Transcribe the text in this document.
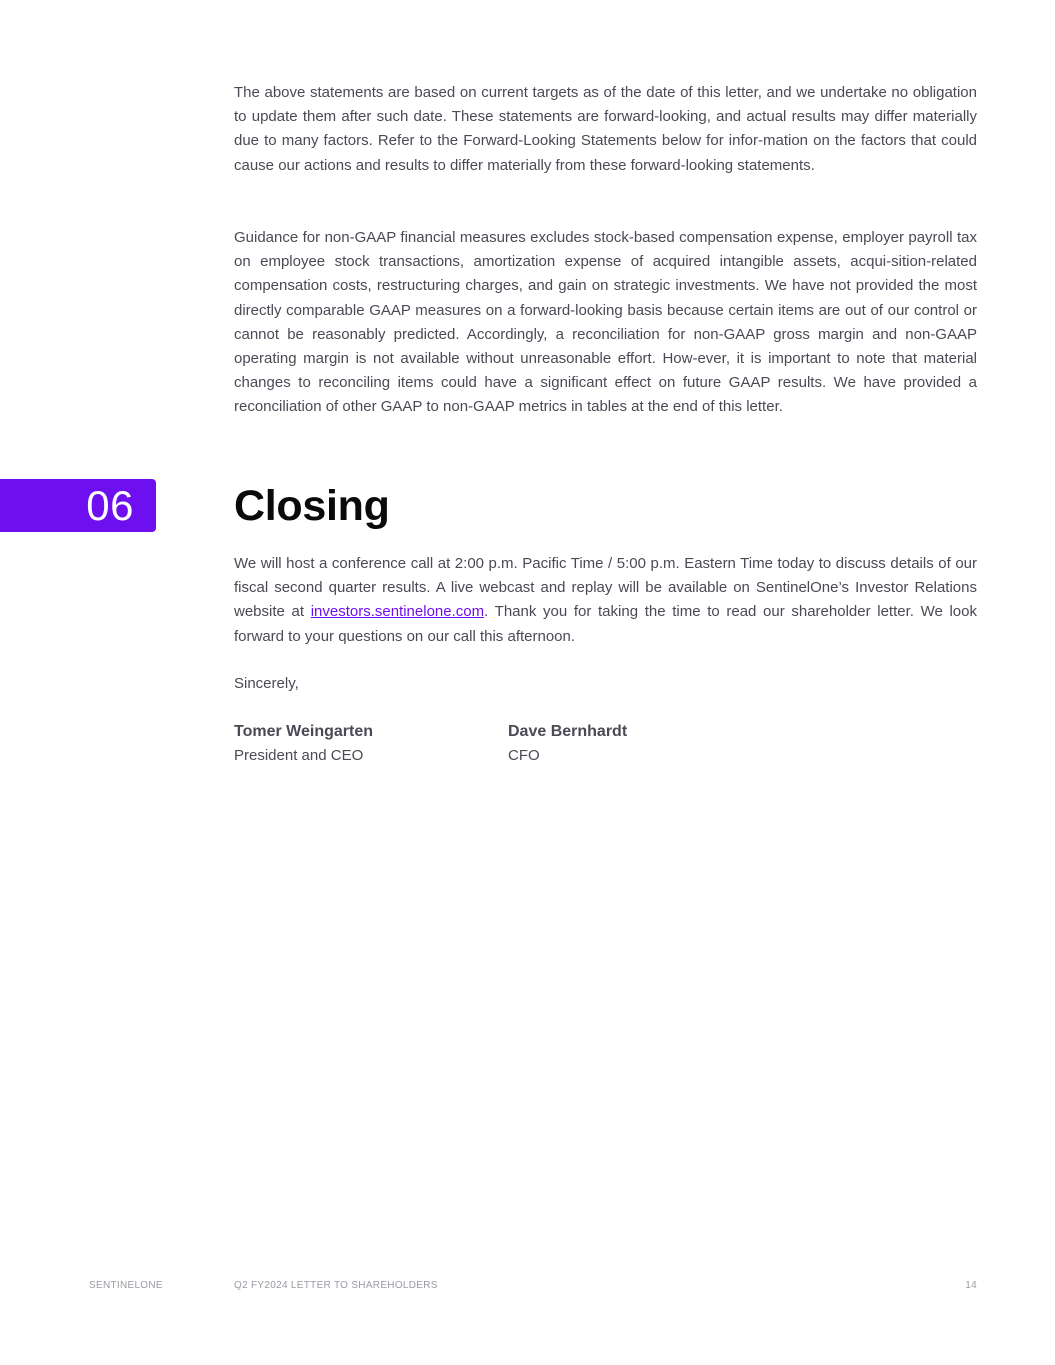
The above statements are based on current targets as of the date of this letter, and we undertake no obligation to update them after such date. These statements are forward-looking, and actual results may differ materially due to many factors. Refer to the Forward-Looking Statements below for infor-mation on the factors that could cause our actions and results to differ materially from these forward-looking statements.

Guidance for non-GAAP financial measures excludes stock-based compensation expense, employer payroll tax on employee stock transactions, amortization expense of acquired intangible assets, acqui-sition-related compensation costs, restructuring charges, and gain on strategic investments. We have not provided the most directly comparable GAAP measures on a forward-looking basis because certain items are out of our control or cannot be reasonably predicted. Accordingly, a reconciliation for non-GAAP gross margin and non-GAAP operating margin is not available without unreasonable effort. How-ever, it is important to note that material changes to reconciling items could have a significant effect on future GAAP results. We have provided a reconciliation of other GAAP to non-GAAP metrics in tables at the end of this letter.

06 Closing

We will host a conference call at 2:00 p.m. Pacific Time / 5:00 p.m. Eastern Time today to discuss details of our fiscal second quarter results. A live webcast and replay will be available on SentinelOne’s Investor Relations website at investors.sentinelone.com. Thank you for taking the time to read our shareholder letter. We look forward to your questions on our call this afternoon.

Sincerely,

Tomer Weingarten
President and CEO
Dave Bernhardt
CFO
SENTINELONE	Q2 FY2024 LETTER TO SHAREHOLDERS	14
